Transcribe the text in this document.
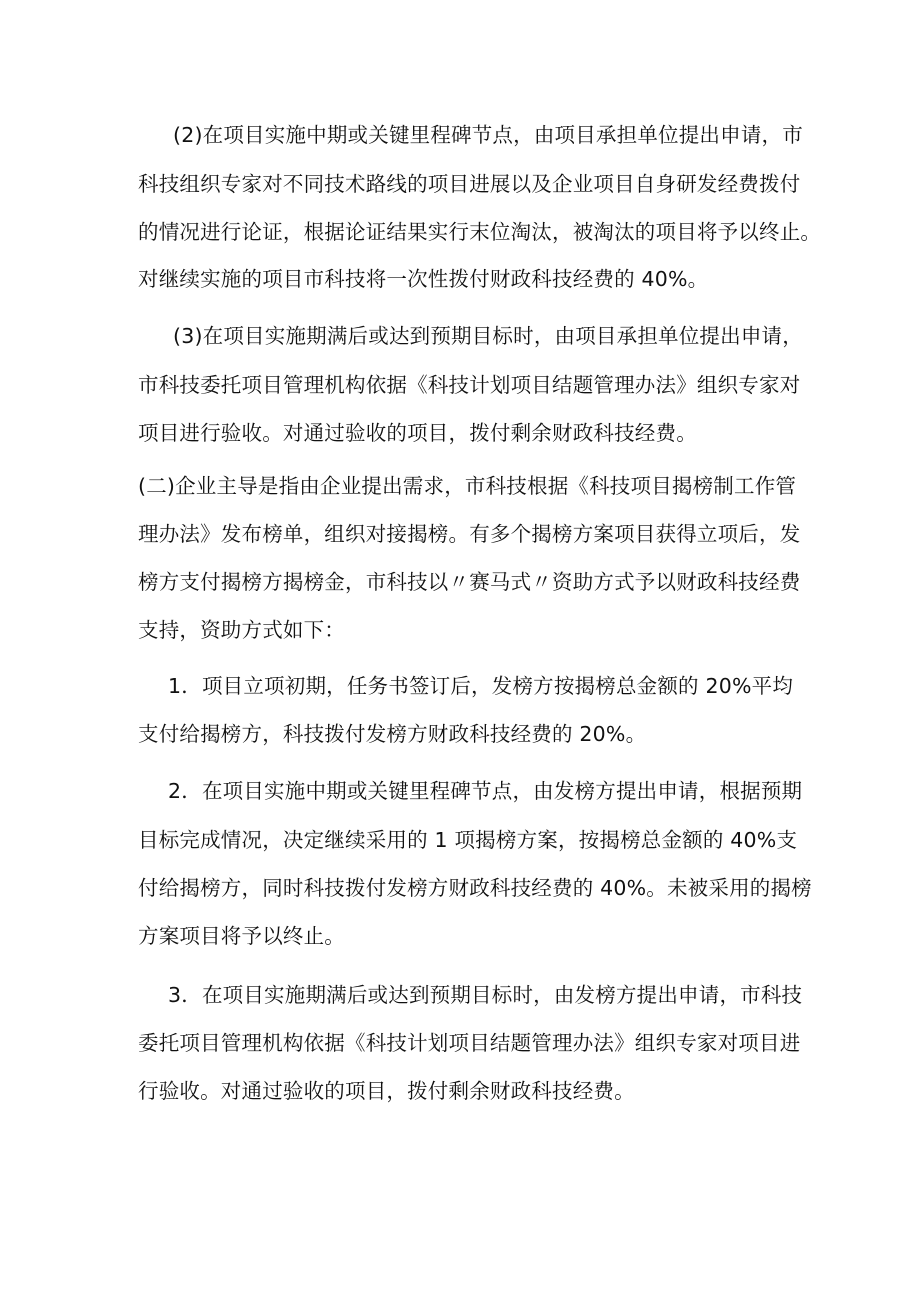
(2)在项目实施中期或关键里程碑节点，由项目承担单位提出申请，市
科技组织专家对不同技术路线的项目进展以及企业项目自身研发经费拨付
的情况进行论证，根据论证结果实行末位淘汰，被淘汰的项目将予以终止。
对继续实施的项目市科技将一次性拨付财政科技经费的 40%。
(3)在项目实施期满后或达到预期目标时，由项目承担单位提出申请，
市科技委托项目管理机构依据《科技计划项目结题管理办法》组织专家对
项目进行验收。对通过验收的项目，拨付剩余财政科技经费。
(二)企业主导是指由企业提出需求，市科技根据《科技项目揭榜制工作管
理办法》发布榜单，组织对接揭榜。有多个揭榜方案项目获得立项后，发
榜方支付揭榜方揭榜金，市科技以〃赛马式〃资助方式予以财政科技经费
支持，资助方式如下：
1．项目立项初期，任务书签订后，发榜方按揭榜总金额的 20%平均
支付给揭榜方，科技拨付发榜方财政科技经费的 20%。
2．在项目实施中期或关键里程碑节点，由发榜方提出申请，根据预期
目标完成情况，决定继续采用的 1 项揭榜方案，按揭榜总金额的 40%支
付给揭榜方，同时科技拨付发榜方财政科技经费的 40%。未被采用的揭榜
方案项目将予以终止。
3．在项目实施期满后或达到预期目标时，由发榜方提出申请，市科技
委托项目管理机构依据《科技计划项目结题管理办法》组织专家对项目进
行验收。对通过验收的项目，拨付剩余财政科技经费。
